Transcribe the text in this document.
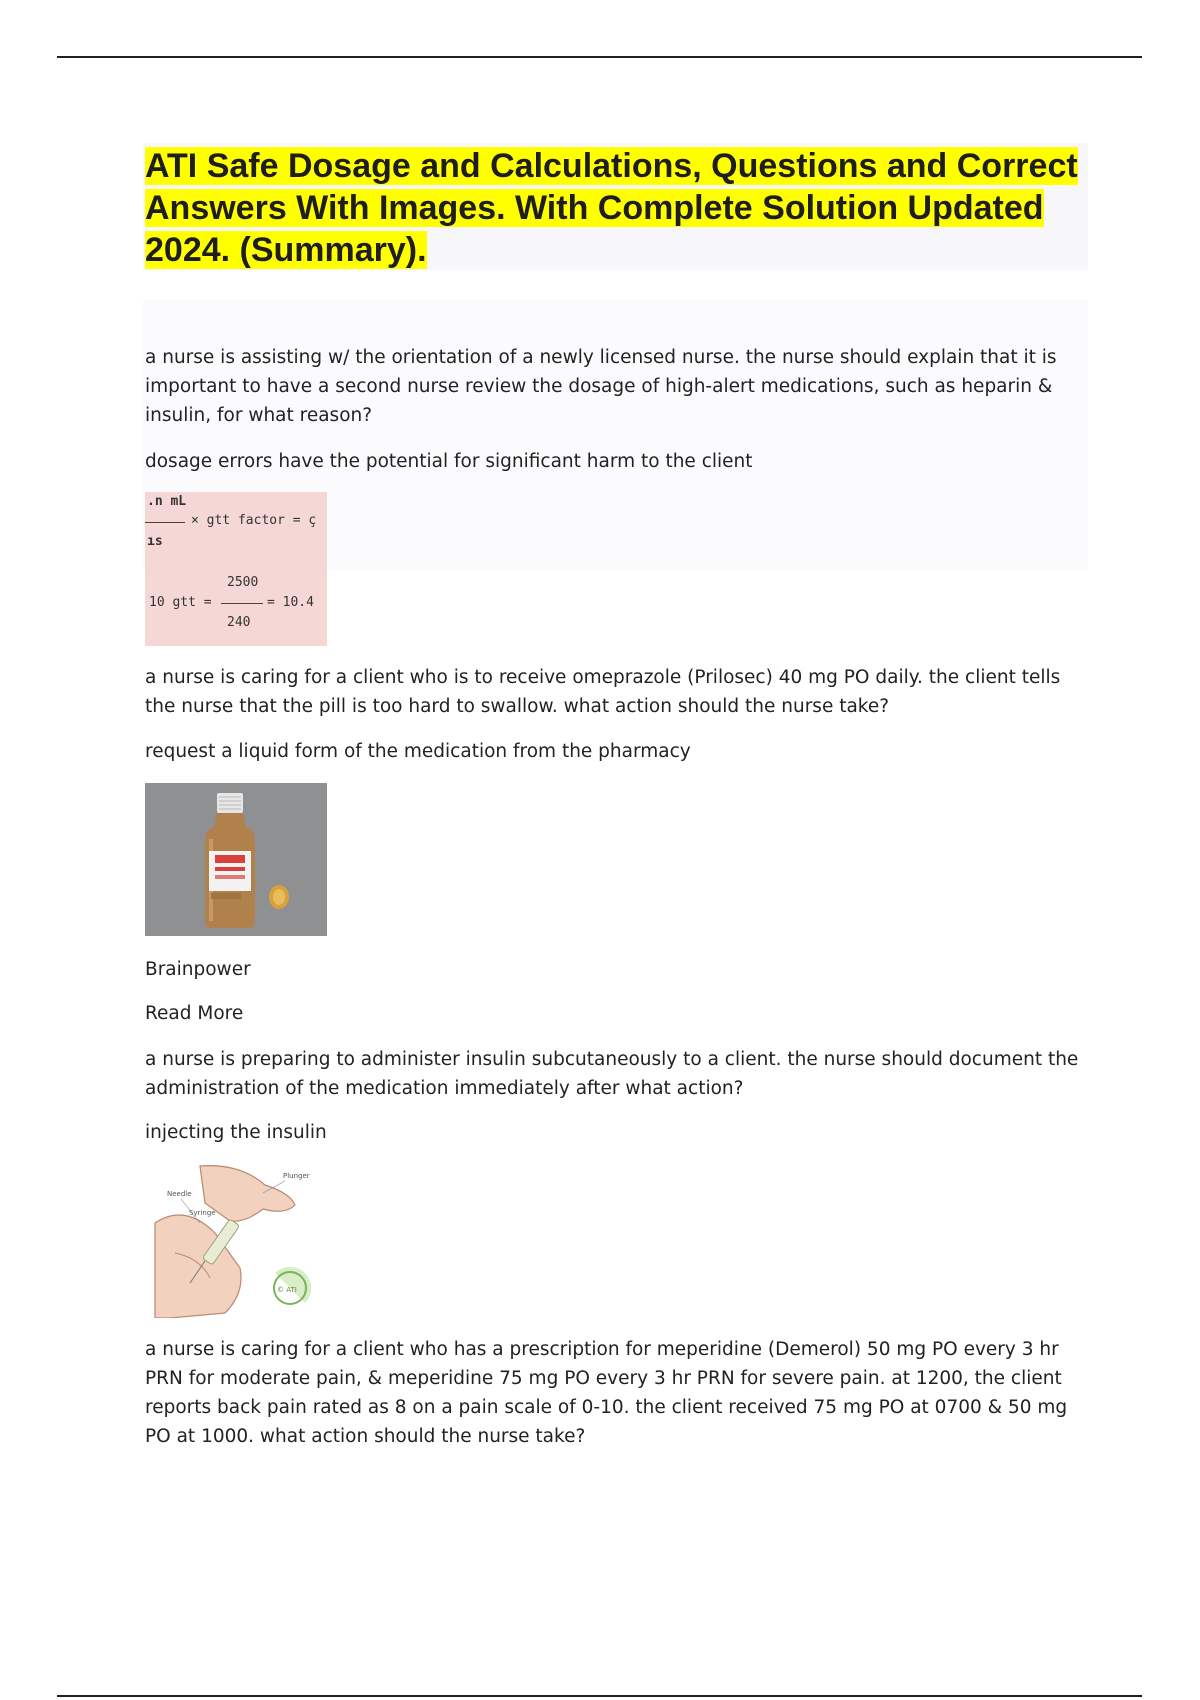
ATI Safe Dosage and Calculations, Questions and Correct Answers With Images. With Complete Solution Updated 2024. (Summary).

a nurse is assisting w/ the orientation of a newly licensed nurse. the nurse should explain that it is important to have a second nurse review the dosage of high-alert medications, such as heparin & insulin, for what reason?

dosage errors have the potential for significant harm to the client

.n mL
× gtt factor = ç
ıs
2500
10 gtt =	= 10.4
240

a nurse is caring for a client who is to receive omeprazole (Prilosec) 40 mg PO daily. the client tells the nurse that the pill is too hard to swallow. what action should the nurse take?

request a liquid form of the medication from the pharmacy

Brainpower

Read More

a nurse is preparing to administer insulin subcutaneously to a client. the nurse should document the administration of the medication immediately after what action?

injecting the insulin

© ATI
Needle
Syringe
Plunger

a nurse is caring for a client who has a prescription for meperidine (Demerol) 50 mg PO every 3 hr PRN for moderate pain, & meperidine 75 mg PO every 3 hr PRN for severe pain. at 1200, the client reports back pain rated as 8 on a pain scale of 0-10. the client received 75 mg PO at 0700 & 50 mg PO at 1000. what action should the nurse take?
